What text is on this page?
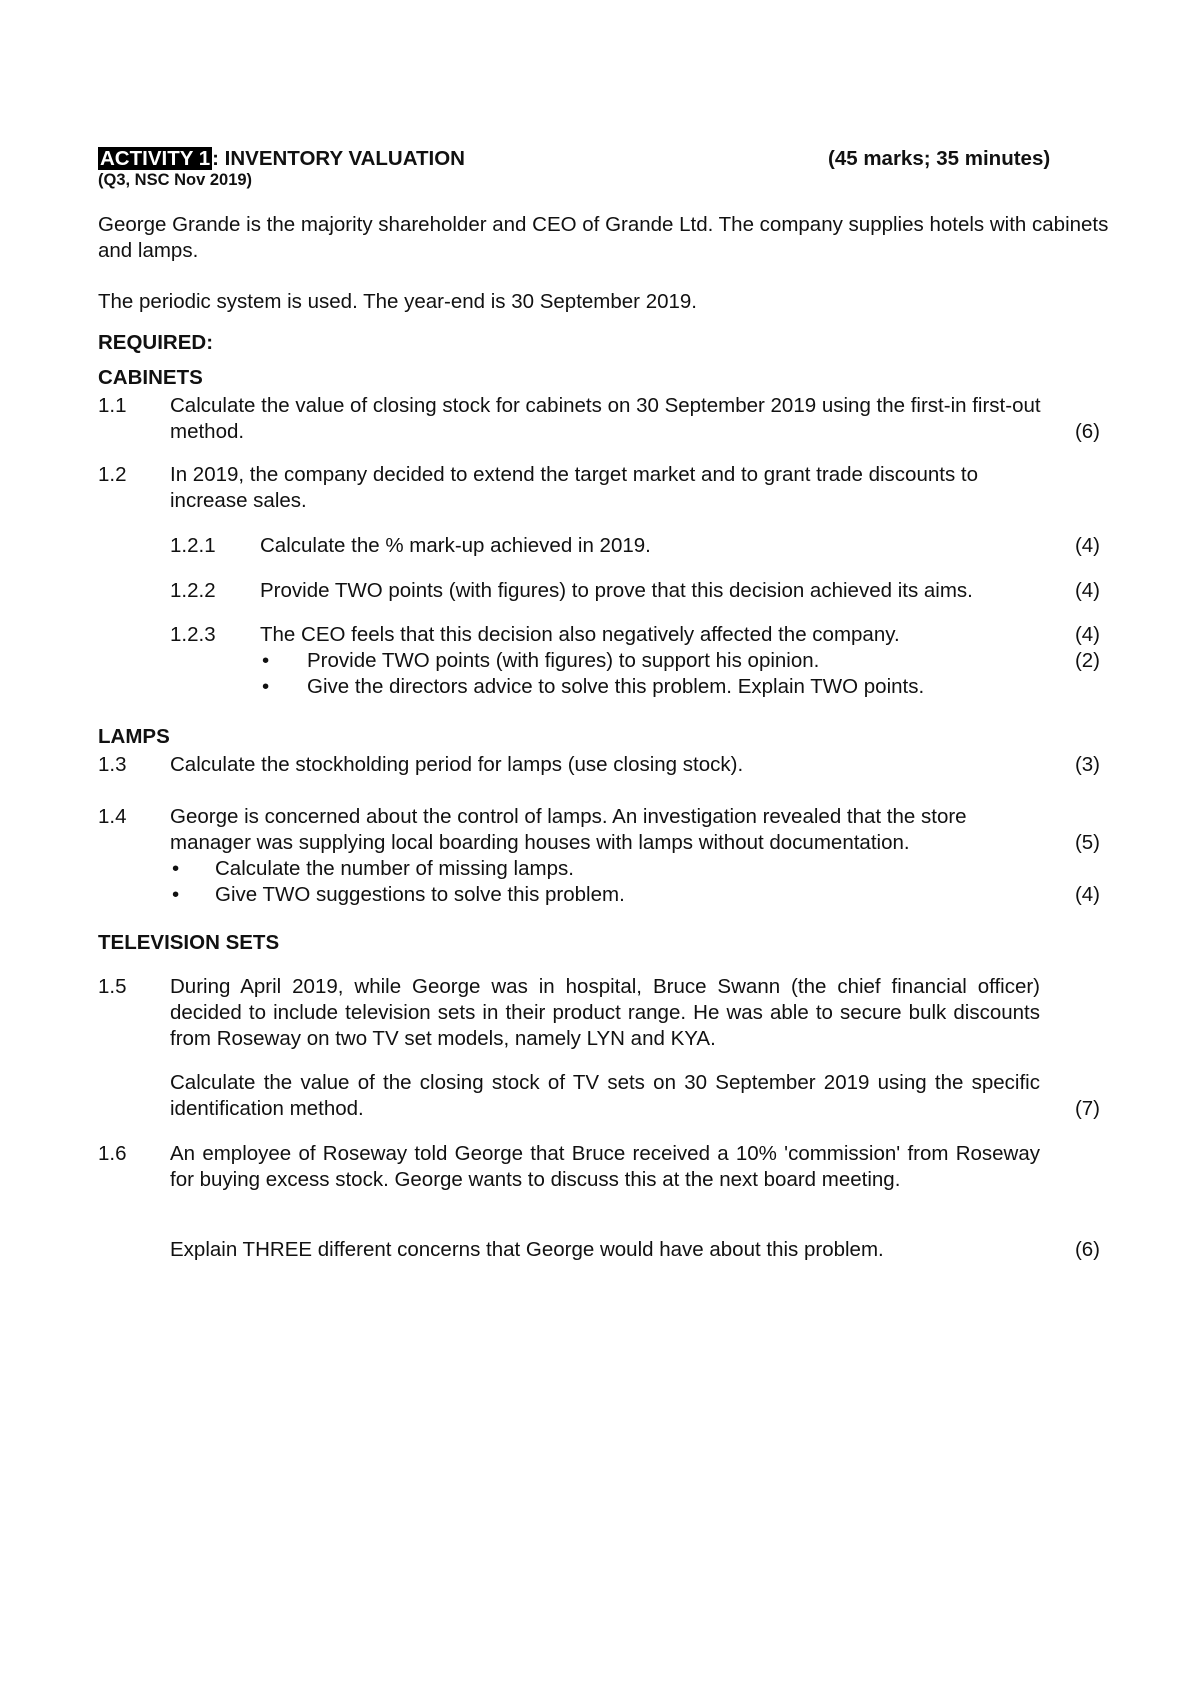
ACTIVITY 1: INVENTORY VALUATION	(45 marks; 35 minutes)
(Q3, NSC Nov 2019)
George Grande is the majority shareholder and CEO of Grande Ltd. The company supplies hotels with cabinets and lamps.
The periodic system is used. The year-end is 30 September 2019.
REQUIRED:
CABINETS
1.1 Calculate the value of closing stock for cabinets on 30 September 2019 using the first-in first-out method.	(6)
1.2 In 2019, the company decided to extend the target market and to grant trade discounts to increase sales.
1.2.1 Calculate the % mark-up achieved in 2019.	(4)
1.2.2 Provide TWO points (with figures) to prove that this decision achieved its aims.	(4)
1.2.3 The CEO feels that this decision also negatively affected the company.	(4)
• Provide TWO points (with figures) to support his opinion.	(2)
• Give the directors advice to solve this problem. Explain TWO points.
LAMPS
1.3 Calculate the stockholding period for lamps (use closing stock).	(3)
1.4 George is concerned about the control of lamps. An investigation revealed that the store
manager was supplying local boarding houses with lamps without documentation.	(5)
• Calculate the number of missing lamps.
• Give TWO suggestions to solve this problem.	(4)
TELEVISION SETS
1.5 During April 2019, while George was in hospital, Bruce Swann (the chief financial officer) decided to include television sets in their product range. He was able to secure bulk discounts from Roseway on two TV set models, namely LYN and KYA.
Calculate the value of the closing stock of TV sets on 30 September 2019 using the specific identification method.	(7)
1.6 An employee of Roseway told George that Bruce received a 10% 'commission' from Roseway for buying excess stock. George wants to discuss this at the next board meeting.
Explain THREE different concerns that George would have about this problem.	(6)
